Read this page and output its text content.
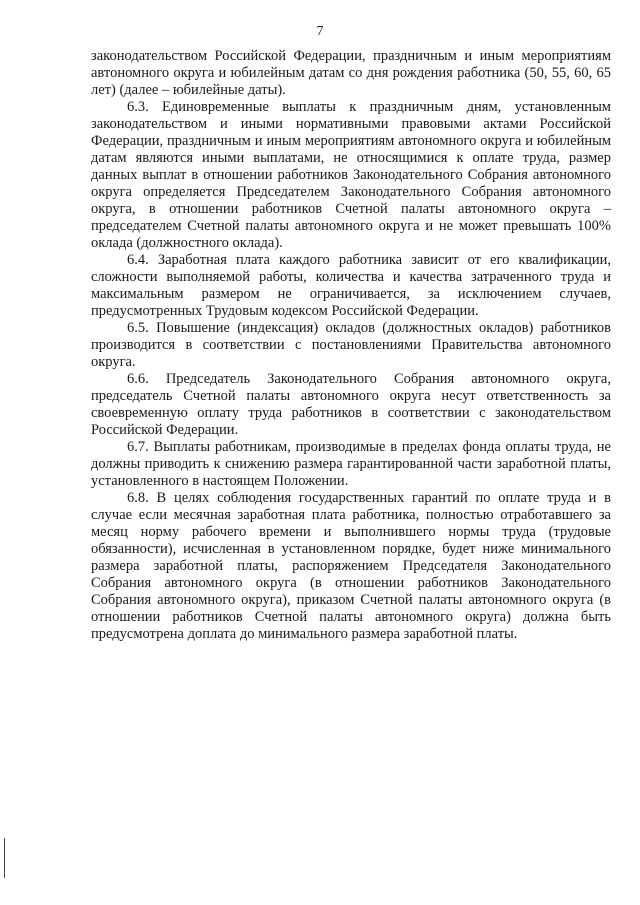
7

законодательством Российской Федерации, праздничным и иным мероприятиям автономного округа и юбилейным датам со дня рождения работника (50, 55, 60, 65 лет) (далее – юбилейные даты).

6.3. Единовременные выплаты к праздничным дням, установленным законодательством и иными нормативными правовыми актами Российской Федерации, праздничным и иным мероприятиям автономного округа и юбилейным датам являются иными выплатами, не относящимися к оплате труда, размер данных выплат в отношении работников Законодательного Собрания автономного округа определяется Председателем Законодательного Собрания автономного округа, в отношении работников Счетной палаты автономного округа – председателем Счетной палаты автономного округа и не может превышать 100% оклада (должностного оклада).

6.4. Заработная плата каждого работника зависит от его квалификации, сложности выполняемой работы, количества и качества затраченного труда и максимальным размером не ограничивается, за исключением случаев, предусмотренных Трудовым кодексом Российской Федерации.

6.5. Повышение (индексация) окладов (должностных окладов) работников производится в соответствии с постановлениями Правительства автономного округа.

6.6. Председатель Законодательного Собрания автономного округа, председатель Счетной палаты автономного округа несут ответственность за своевременную оплату труда работников в соответствии с законодательством Российской Федерации.

6.7. Выплаты работникам, производимые в пределах фонда оплаты труда, не должны приводить к снижению размера гарантированной части заработной платы, установленного в настоящем Положении.

6.8. В целях соблюдения государственных гарантий по оплате труда и в случае если месячная заработная плата работника, полностью отработавшего за месяц норму рабочего времени и выполнившего нормы труда (трудовые обязанности), исчисленная в установленном порядке, будет ниже минимального размера заработной платы, распоряжением Председателя Законодательного Собрания автономного округа (в отношении работников Законодательного Собрания автономного округа), приказом Счетной палаты автономного округа (в отношении работников Счетной палаты автономного округа) должна быть предусмотрена доплата до минимального размера заработной платы.
